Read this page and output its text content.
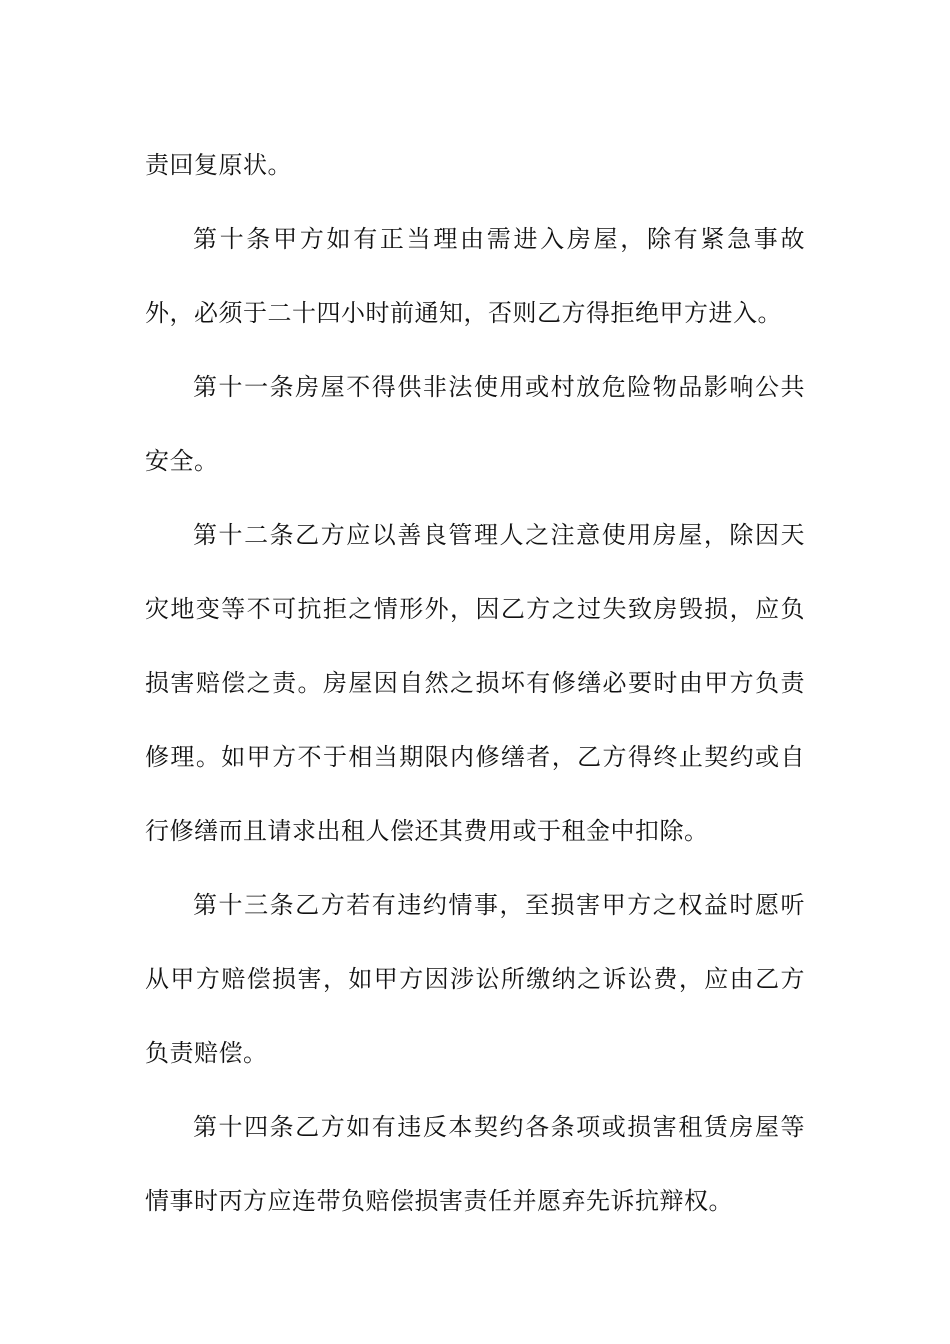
责回复原状。

第十条甲方如有正当理由需进入房屋，除有紧急事故外，必须于二十四小时前通知，否则乙方得拒绝甲方进入。

第十一条房屋不得供非法使用或村放危险物品影响公共安全。

第十二条乙方应以善良管理人之注意使用房屋，除因天灾地变等不可抗拒之情形外，因乙方之过失致房毁损，应负损害赔偿之责。房屋因自然之损坏有修缮必要时由甲方负责修理。如甲方不于相当期限内修缮者，乙方得终止契约或自行修缮而且请求出租人偿还其费用或于租金中扣除。

第十三条乙方若有违约情事，至损害甲方之权益时愿听从甲方赔偿损害，如甲方因涉讼所缴纳之诉讼费，应由乙方负责赔偿。

第十四条乙方如有违反本契约各条项或损害租赁房屋等情事时丙方应连带负赔偿损害责任并愿弃先诉抗辩权。
